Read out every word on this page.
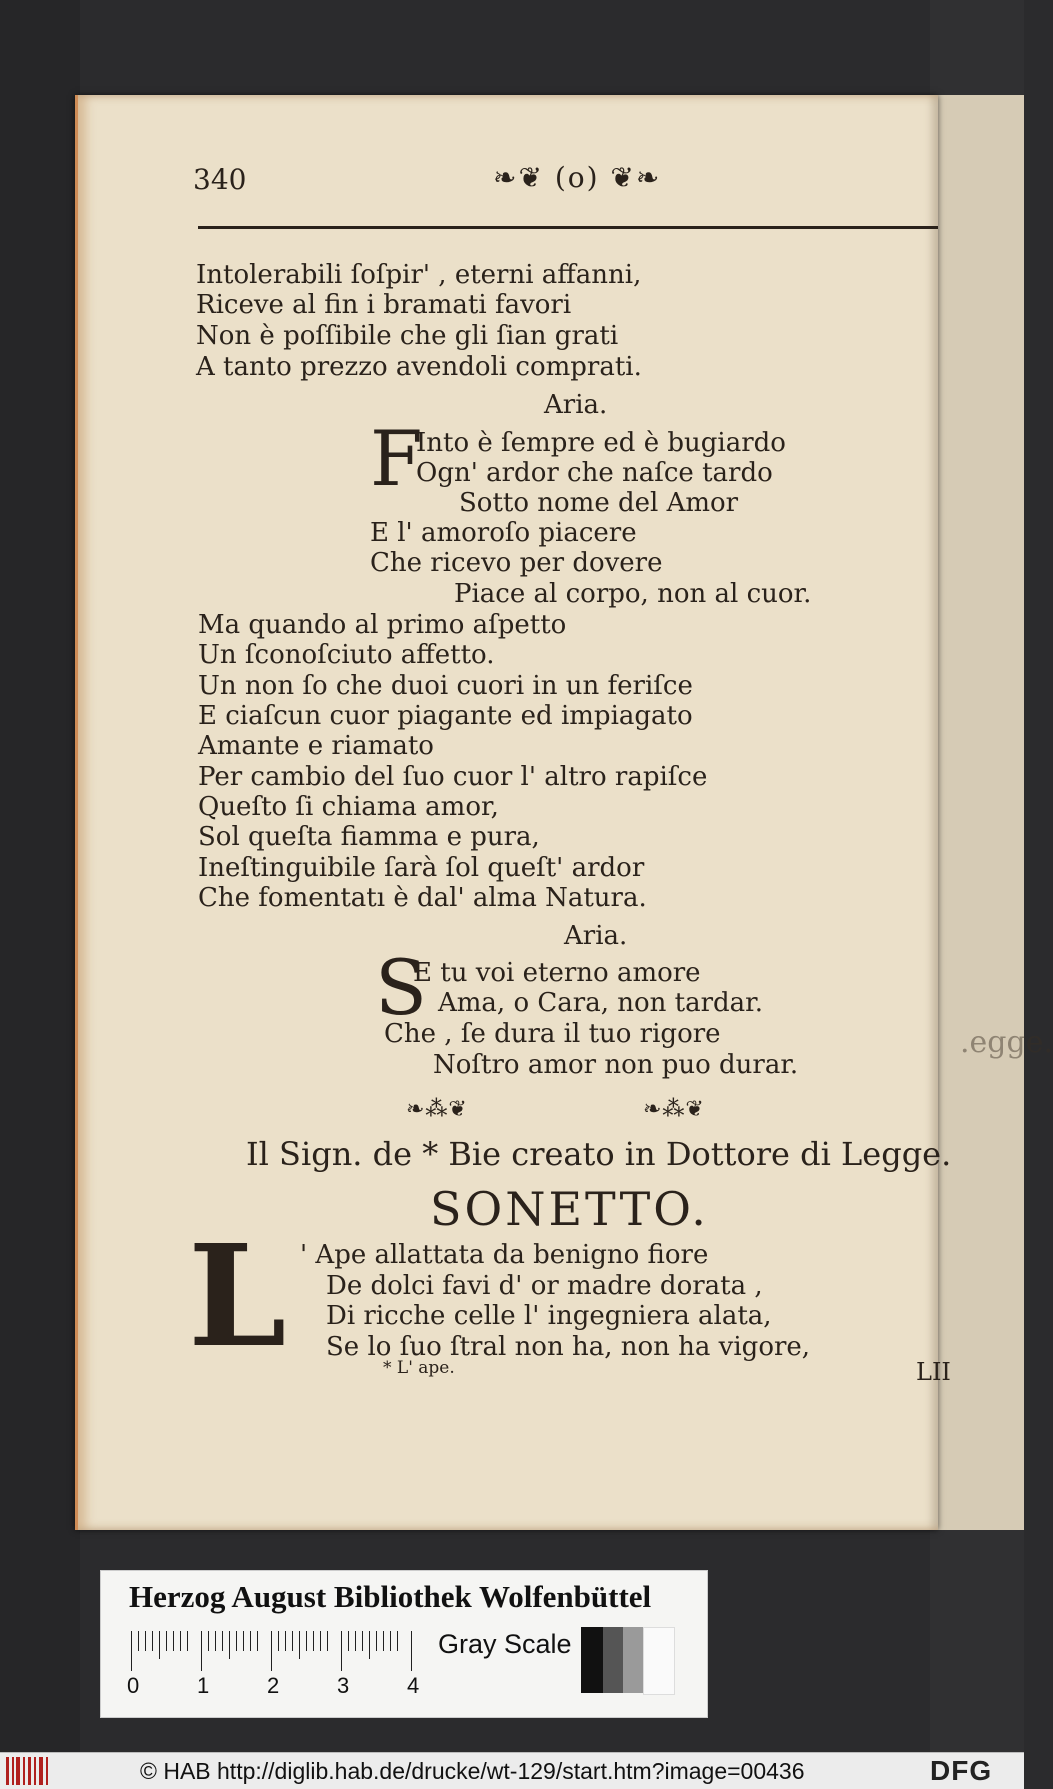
.egge.
340	❧❦ (o) ❦❧
Intolerabili ſoſpir' , eterni affanni,
Riceve al fin i bramati favori
Non è poſſibile che gli ſian grati
A tanto prezzo avendoli comprati.
Aria.
F
Into è ſempre ed è bugiardo
Ogn' ardor che naſce tardo
Sotto nome del Amor
E l' amoroſo piacere
Che ricevo per dovere
Piace al corpo, non al cuor.
Ma quando al primo aſpetto
Un ſconoſciuto affetto.
Un non ſo che duoi cuori in un feriſce
E ciaſcun cuor piagante ed impiagato
Amante e riamato
Per cambio del ſuo cuor l' altro rapiſce
Queſto ſi chiama amor,
Sol queſta fiamma e pura,
Ineſtinguibile ſarà ſol queſt' ardor
Che fomentatı è dal' alma Natura.
Aria.
S
E tu voi eterno amore
Ama, o Cara, non tardar.
Che , ſe dura il tuo rigore
Noſtro amor non puo durar.
❧⁂❦	❧⁂❦
Il Sign. de * Bie creato in Dottore di Legge.
SONETTO.
L ' Ape allattata da benigno fiore
De dolci favi d' or madre dorata ,
Di ricche celle l' ingegniera alata,
Se lo ſuo ſtral non ha, non ha vigore,
* L' ape.	LII
Herzog August Bibliothek Wolfenbüttel
0	1	2	3	4
Gray Scale
© HAB http://diglib.hab.de/drucke/wt-129/start.htm?image=00436	DFG
